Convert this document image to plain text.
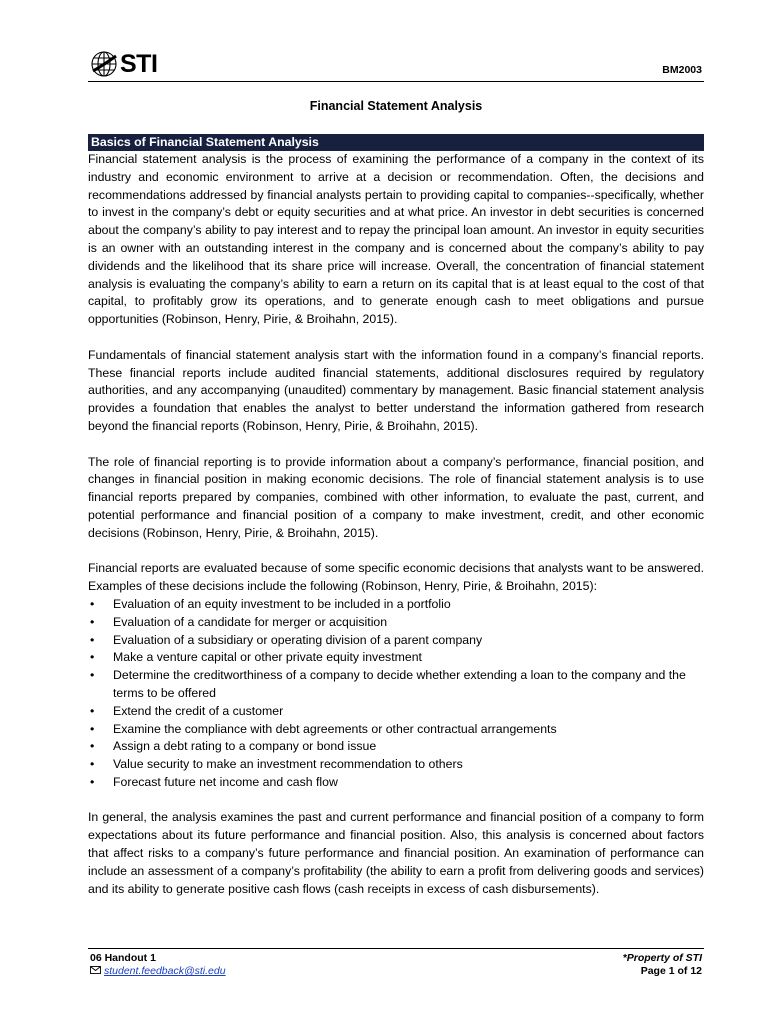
STI	BM2003
Financial Statement Analysis
Basics of Financial Statement Analysis

Financial statement analysis is the process of examining the performance of a company in the context of its industry and economic environment to arrive at a decision or recommendation. Often, the decisions and recommendations addressed by financial analysts pertain to providing capital to companies--specifically, whether to invest in the company’s debt or equity securities and at what price. An investor in debt securities is concerned about the company’s ability to pay interest and to repay the principal loan amount. An investor in equity securities is an owner with an outstanding interest in the company and is concerned about the company’s ability to pay dividends and the likelihood that its share price will increase. Overall, the concentration of financial statement analysis is evaluating the company’s ability to earn a return on its capital that is at least equal to the cost of that capital, to profitably grow its operations, and to generate enough cash to meet obligations and pursue opportunities (Robinson, Henry, Pirie, & Broihahn, 2015).

Fundamentals of financial statement analysis start with the information found in a company’s financial reports. These financial reports include audited financial statements, additional disclosures required by regulatory authorities, and any accompanying (unaudited) commentary by management. Basic financial statement analysis provides a foundation that enables the analyst to better understand the information gathered from research beyond the financial reports (Robinson, Henry, Pirie, & Broihahn, 2015).

The role of financial reporting is to provide information about a company’s performance, financial position, and changes in financial position in making economic decisions. The role of financial statement analysis is to use financial reports prepared by companies, combined with other information, to evaluate the past, current, and potential performance and financial position of a company to make investment, credit, and other economic decisions (Robinson, Henry, Pirie, & Broihahn, 2015).

Financial reports are evaluated because of some specific economic decisions that analysts want to be answered. Examples of these decisions include the following (Robinson, Henry, Pirie, & Broihahn, 2015):

• Evaluation of an equity investment to be included in a portfolio
• Evaluation of a candidate for merger or acquisition
• Evaluation of a subsidiary or operating division of a parent company
• Make a venture capital or other private equity investment
• Determine the creditworthiness of a company to decide whether extending a loan to the company and the terms to be offered
• Extend the credit of a customer
• Examine the compliance with debt agreements or other contractual arrangements
• Assign a debt rating to a company or bond issue
• Value security to make an investment recommendation to others
• Forecast future net income and cash flow

In general, the analysis examines the past and current performance and financial position of a company to form expectations about its future performance and financial position. Also, this analysis is concerned about factors that affect risks to a company’s future performance and financial position. An examination of performance can include an assessment of a company’s profitability (the ability to earn a profit from delivering goods and services) and its ability to generate positive cash flows (cash receipts in excess of cash disbursements).

06 Handout 1
student.feedback@sti.edu
*Property of STI
Page 1 of 12
